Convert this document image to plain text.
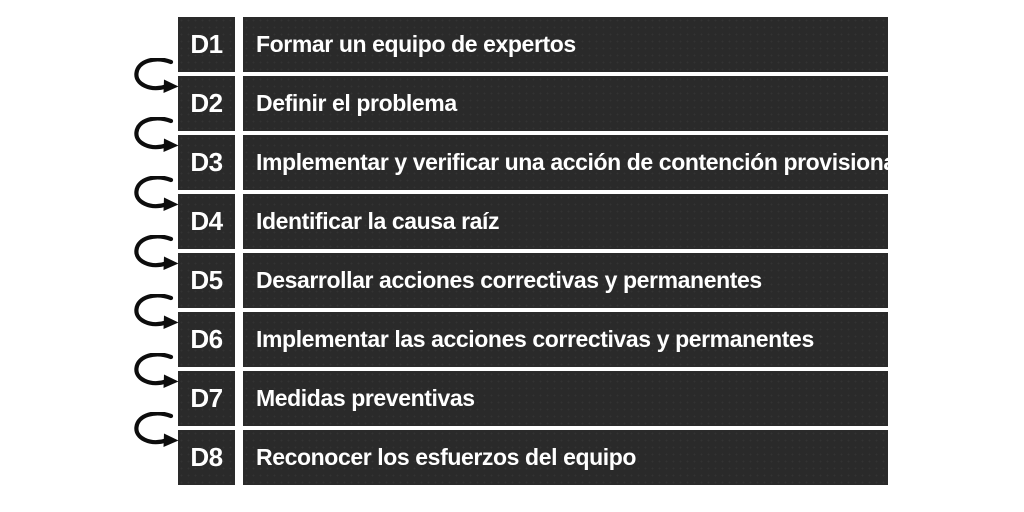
D1	Formar un equipo de expertos
D2	Definir el problema
D3	Implementar y verificar una acción de contención provisional
D4	Identificar la causa raíz
D5	Desarrollar acciones correctivas y permanentes
D6	Implementar las acciones correctivas y permanentes
D7	Medidas preventivas
D8	Reconocer los esfuerzos del equipo
